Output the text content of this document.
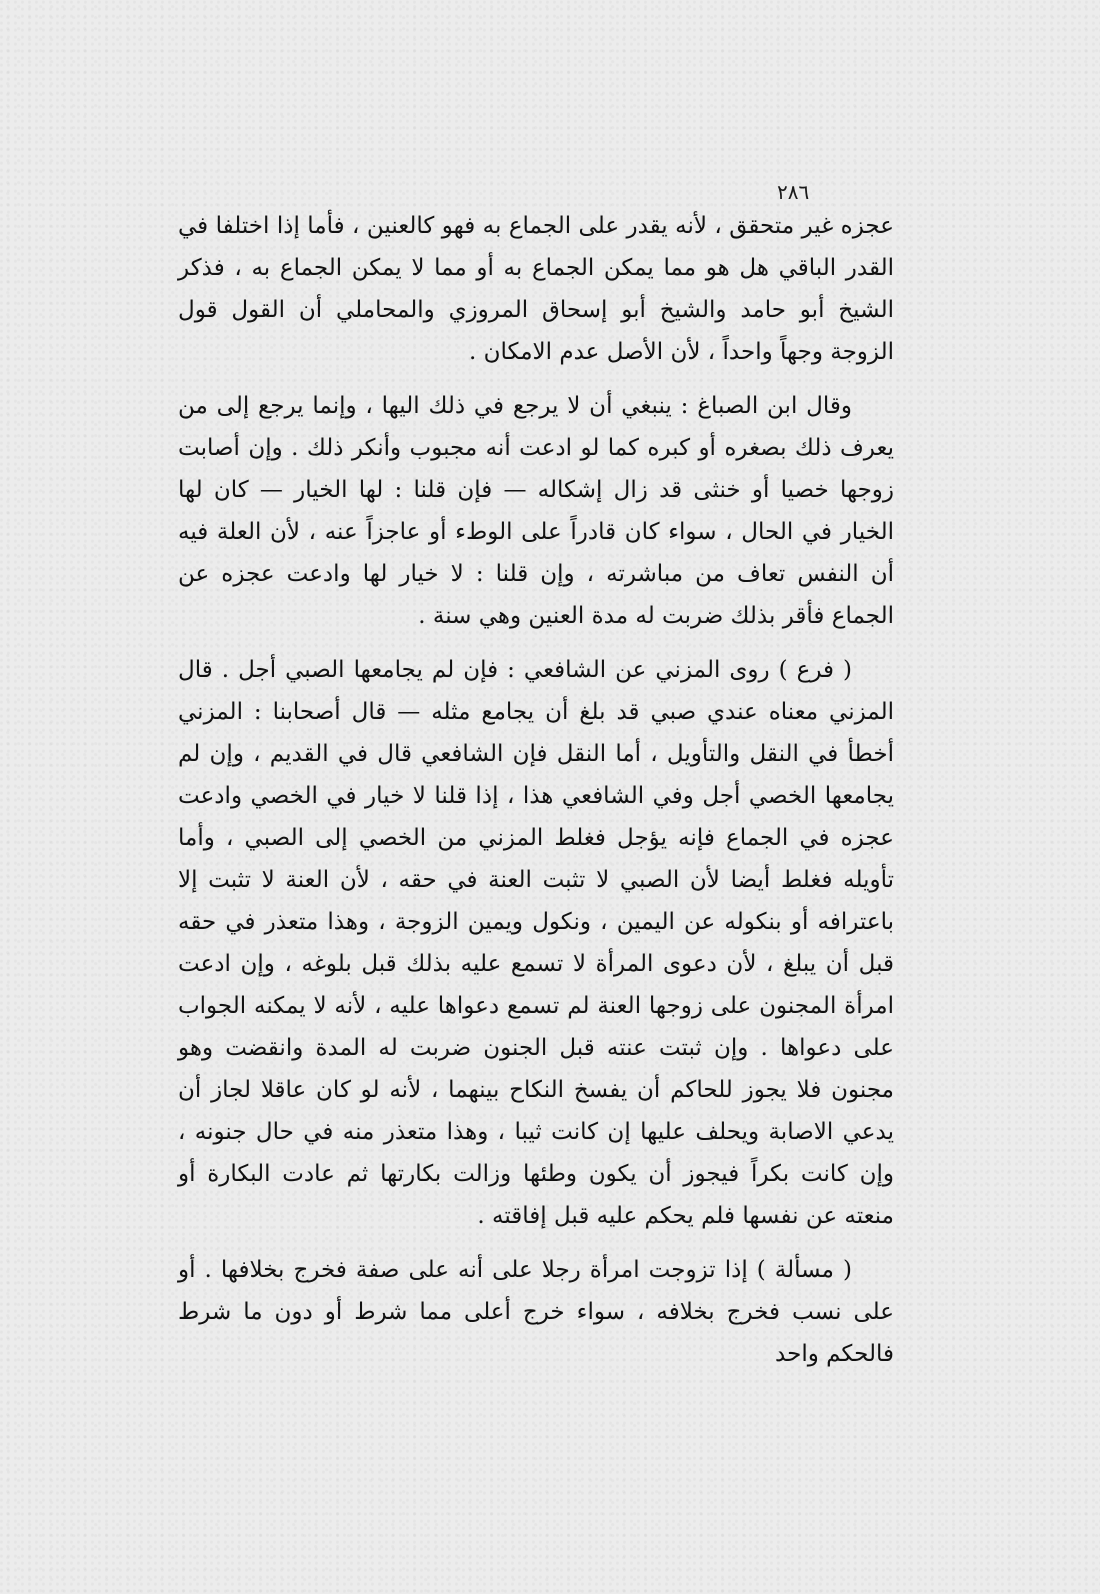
٢٨٦

عجزه غير متحقق ، لأنه يقدر على الجماع به فهو كالعنين ، فأما إذا اختلفا في القدر الباقي هل هو مما يمكن الجماع به أو مما لا يمكن الجماع به ، فذكر الشيخ أبو حامد والشيخ أبو إسحاق المروزي والمحاملي أن القول قول الزوجة وجهاً واحداً ، لأن الأصل عدم الامكان .

وقال ابن الصباغ : ينبغي أن لا يرجع في ذلك اليها ، وإنما يرجع إلى من يعرف ذلك بصغره أو كبره كما لو ادعت أنه مجبوب وأنكر ذلك . وإن أصابت زوجها خصيا أو خنثى قد زال إشكاله — فإن قلنا : لها الخيار — كان لها الخيار في الحال ، سواء كان قادراً على الوطء أو عاجزاً عنه ، لأن العلة فيه أن النفس تعاف من مباشرته ، وإن قلنا : لا خيار لها وادعت عجزه عن الجماع فأقر بذلك ضربت له مدة العنين وهي سنة .

( فرع ) روى المزني عن الشافعي : فإن لم يجامعها الصبي أجل . قال المزني معناه عندي صبي قد بلغ أن يجامع مثله — قال أصحابنا : المزني أخطأ في النقل والتأويل ، أما النقل فإن الشافعي قال في القديم ، وإن لم يجامعها الخصي أجل وفي الشافعي هذا ، إذا قلنا لا خيار في الخصي وادعت عجزه في الجماع فإنه يؤجل فغلط المزني من الخصي إلى الصبي ، وأما تأويله فغلط أيضا لأن الصبي لا تثبت العنة في حقه ، لأن العنة لا تثبت إلا باعترافه أو بنكوله عن اليمين ، ونكول ويمين الزوجة ، وهذا متعذر في حقه قبل أن يبلغ ، لأن دعوى المرأة لا تسمع عليه بذلك قبل بلوغه ، وإن ادعت امرأة المجنون على زوجها العنة لم تسمع دعواها عليه ، لأنه لا يمكنه الجواب على دعواها . وإن ثبتت عنته قبل الجنون ضربت له المدة وانقضت وهو مجنون فلا يجوز للحاكم أن يفسخ النكاح بينهما ، لأنه لو كان عاقلا لجاز أن يدعي الاصابة ويحلف عليها إن كانت ثيبا ، وهذا متعذر منه في حال جنونه ، وإن كانت بكراً فيجوز أن يكون وطئها وزالت بكارتها ثم عادت البكارة أو منعته عن نفسها فلم يحكم عليه قبل إفاقته .

( مسألة ) إذا تزوجت امرأة رجلا على أنه على صفة فخرج بخلافها . أو على نسب فخرج بخلافه ، سواء خرج أعلى مما شرط أو دون ما شرط فالحكم واحد
